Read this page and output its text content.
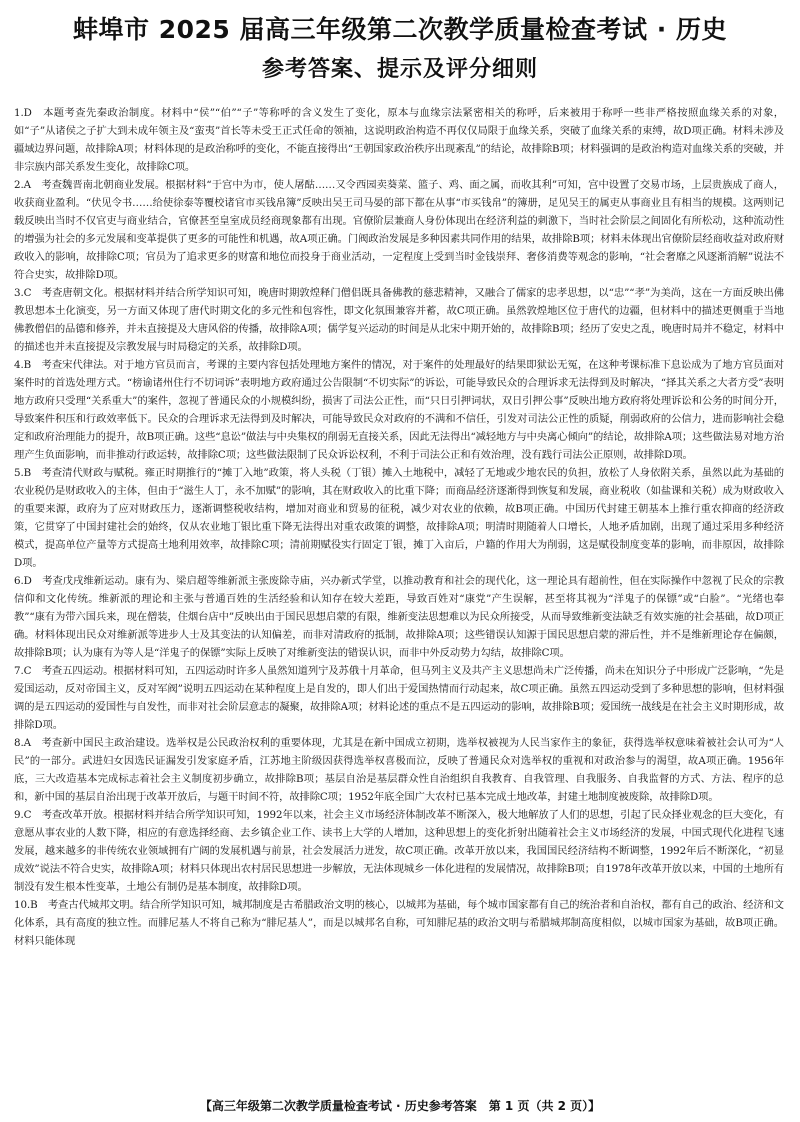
蚌埠市 2025 届高三年级第二次教学质量检查考试 · 历史
参考答案、提示及评分细则

1.D　 本题考查先秦政治制度。材料中“侯”“伯”“子”等称呼的含义发生了变化，原本与血缘宗法紧密相关的称呼，后来被用于称呼一些非严格按照血缘关系的对象，如“子”从诸侯之子扩大到未成年领主及“蛮夷”首长等未受王正式任命的领袖，这说明政治构造不再仅仅局限于血缘关系，突破了血缘关系的束缚，故D项正确。材料未涉及疆域边界问题，故排除A项；材料体现的是政治称呼的变化，不能直接得出“王朝国家政治秩序出现紊乱”的结论，故排除B项；材料强调的是政治构造对血缘关系的突破，并非宗族内部关系发生变化，故排除C项。

2.A　 考查魏晋南北朝商业发展。根据材料“于宫中为市，使人屠酤……又令西园卖葵菜、篮子、鸡、面之属，而收其利”可知，宫中设置了交易市场，上层贵族成了商人，收获商业盈利。“伏见令书……给使徐泰等覆校诸官市买钱帛簿”反映出吴王司马晏的部下都在从事“市买钱帛”的簿册，足见吴王的属吏从事商业且有相当的规模。这两则记载反映出当时不仅官吏与商业结合，官僚甚至皇室成员经商现象都有出现。官僚阶层兼商人身份体现出在经济利益的刺激下，当时社会阶层之间固化有所松动，这种流动性的增强为社会的多元发展和变革提供了更多的可能性和机遇，故A项正确。门阀政治发展是多种因素共同作用的结果，故排除B项；材料未体现出官僚阶层经商收益对政府财政收入的影响，故排除C项；官员为了追求更多的财富和地位而投身于商业活动，一定程度上受到当时金钱崇拜、奢侈消费等观念的影响，“社会奢靡之风逐渐消解”说法不符合史实，故排除D项。

3.C　 考查唐朝文化。根据材料并结合所学知识可知，晚唐时期敦煌释门僧侣既具备佛教的慈悲精神，又融合了儒家的忠孝思想，以“忠”“孝”为美尚，这在一方面反映出佛教思想本土化演变，另一方面又体现了唐代时期文化的多元性和包容性，即文化氛围兼容并蓄，故C项正确。虽然敦煌地区位于唐代的边疆，但材料中的描述更侧重于当地佛教僧侣的品德和修养，并未直接提及大唐风俗的传播，故排除A项；儒学复兴运动的时间是从北宋中期开始的，故排除B项；经历了安史之乱，晚唐时局并不稳定，材料中的描述也并未直接提及宗教发展与时局稳定的关系，故排除D项。

4.B　 考查宋代律法。对于地方官员而言，考课的主要内容包括处理地方案件的情况，对于案件的处理最好的结果即狱讼无冤，在这种考课标准下息讼成为了地方官员面对案件时的首选处理方式。“榜谕诸州住行不切词诉”表明地方政府通过公告限制“不切实际”的诉讼，可能导致民众的合理诉求无法得到及时解决，“择其关系之大者方受”表明地方政府只受理“关系重大”的案件，忽视了普通民众的小规模纠纷，损害了司法公正性，而“只日引押词状，双日引押公事”反映出地方政府将处理诉讼和公务的时间分开，导致案件积压和行政效率低下。民众的合理诉求无法得到及时解决，可能导致民众对政府的不满和不信任，引发对司法公正性的质疑，削弱政府的公信力，进而影响社会稳定和政府治理能力的提升，故B项正确。这些“息讼”做法与中央集权的削弱无直接关系，因此无法得出“减轻地方与中央离心倾向”的结论，故排除A项；这些做法易对地方治理产生负面影响，而非推动行政运转，故排除C项；这些做法限制了民众诉讼权利，不利于司法公正和有效治理，没有践行司法公正原则，故排除D项。

5.B　 考查清代财政与赋税。雍正时期推行的“摊丁入地”政策，将人头税（丁银）摊入土地税中，减轻了无地或少地农民的负担，放松了人身依附关系，虽然以此为基础的农业税仍是财政收入的主体，但由于“滋生人丁，永不加赋”的影响，其在财政收入的比重下降；而商品经济逐渐得到恢复和发展，商业税收（如盐课和关税）成为财政收入的重要来源，政府为了应对财政压力，逐渐调整税收结构，增加对商业和贸易的征税，减少对农业的依赖，故B项正确。中国历代封建王朝基本上推行重农抑商的经济政策，它贯穿了中国封建社会的始终，仅从农业地丁银比重下降无法得出对重农政策的调整，故排除A项；明清时期随着人口增长，人地矛盾加剧，出现了通过采用多种经济模式，提高单位产量等方式提高土地利用效率，故排除C项；清前期赋役实行固定丁银，摊丁入亩后，户籍的作用大为削弱，这是赋役制度变革的影响，而非原因，故排除D项。

6.D　 考查戊戌维新运动。康有为、梁启超等维新派主张废除寺庙，兴办新式学堂，以推动教育和社会的现代化，这一理论具有超前性，但在实际操作中忽视了民众的宗教信仰和文化传统。维新派的理论和主张与普通百姓的生活经验和认知存在较大差距，导致百姓对“康党”产生误解，甚至将其视为“洋鬼子的保镖”或“白脸”。“光绪也奉教”“康有为带六国兵来，现在僧装，住烟台店中”反映出由于国民思想启蒙的有限，维新变法思想难以为民众所接受，从而导致维新变法缺乏有效实施的社会基础，故D项正确。材料体现出民众对维新派等进步人士及其变法的认知偏差，而非对清政府的抵制，故排除A项；这些错误认知源于国民思想启蒙的滞后性，并不是维新理论存在偏颇，故排除B项；认为康有为等人是“洋鬼子的保镖”实际上反映了对维新变法的错误认识，而非中外反动势力勾结，故排除C项。

7.C　 考查五四运动。根据材料可知，五四运动时许多人虽然知道列宁及苏俄十月革命，但马列主义及共产主义思想尚未广泛传播，尚未在知识分子中形成广泛影响，“先是爱国运动，反对帝国主义，反对军阀”说明五四运动在某种程度上是自发的，即人们出于爱国热情而行动起来，故C项正确。虽然五四运动受到了多种思想的影响，但材料强调的是五四运动的爱国性与自发性，而非对社会阶层意志的凝聚，故排除A项；材料论述的重点不是五四运动的影响，故排除B项；爱国统一战线是在社会主义时期形成，故排除D项。

8.A　 考查新中国民主政治建设。选举权是公民政治权利的重要体现，尤其是在新中国成立初期，选举权被视为人民当家作主的象征，获得选举权意味着被社会认可为“人民”的一部分。武进妇女因选民证漏发引发家庭矛盾，江苏地主阶级因获得选举权喜极而泣，反映了普通民众对选举权的重视和对政治参与的渴望，故A项正确。1956年底，三大改造基本完成标志着社会主义制度初步确立，故排除B项；基层自治是基层群众性自治组织自我教育、自我管理、自我服务、自我监督的方式、方法、程序的总和，新中国的基层自治出现于改革开放后，与题干时间不符，故排除C项；1952年底全国广大农村已基本完成土地改革，封建土地制度被废除，故排除D项。

9.C　 考查改革开放。根据材料并结合所学知识可知，1992年以来，社会主义市场经济体制改革不断深入，极大地解放了人们的思想，引起了民众择业观念的巨大变化，有意愿从事农业的人数下降，相应的有意选择经商、去乡镇企业工作、读书上大学的人增加，这种思想上的变化折射出随着社会主义市场经济的发展，中国式现代化进程飞速发展，越来越多的非传统农业领域拥有广阔的发展机遇与前景，社会发展活力迸发，故C项正确。改革开放以来，我国国民经济结构不断调整，1992年后不断深化，“初显成效”说法不符合史实，故排除A项；材料只体现出农村居民思想进一步解放，无法体现城乡一体化进程的发展情况，故排除B项；自1978年改革开放以来，中国的土地所有制没有发生根本性变革，土地公有制仍是基本制度，故排除D项。

10.B　 考查古代城邦文明。结合所学知识可知，城邦制度是古希腊政治文明的核心，以城邦为基础，每个城市国家都有自己的统治者和自治权，都有自己的政治、经济和文化体系，具有高度的独立性。而腓尼基人不将自己称为“腓尼基人”，而是以城邦名自称，可知腓尼基的政治文明与希腊城邦制高度相似，以城市国家为基础，故B项正确。材料只能体现

【高三年级第二次教学质量检查考试 · 历史参考答案　第 1 页（共 2 页）】
